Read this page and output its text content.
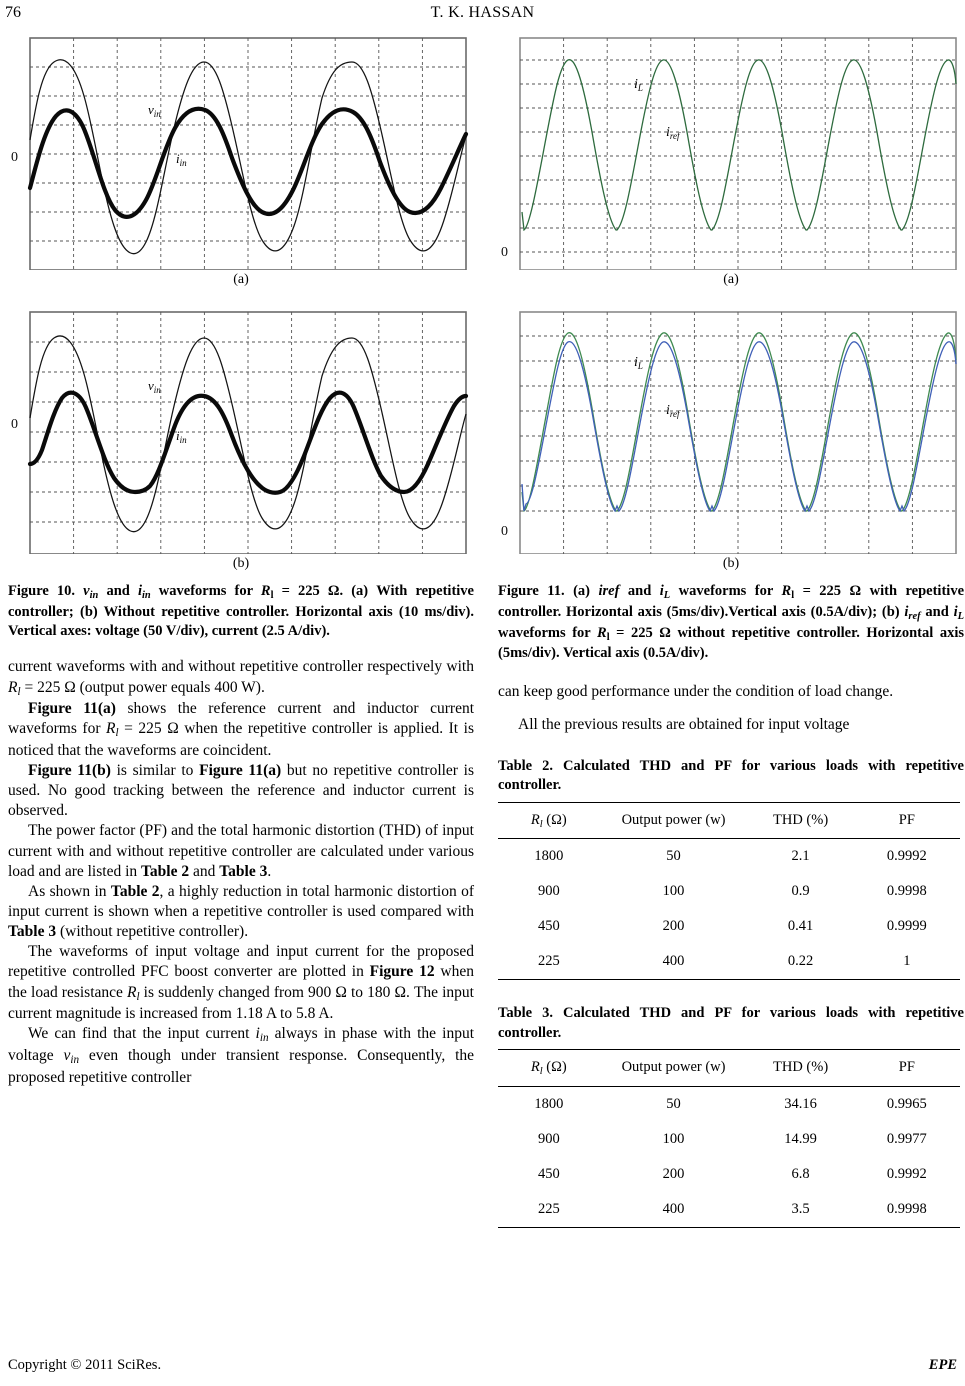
76	T. K. HASSAN
0
$v_{in}$
$i_{in}$
(a)
0
$v_{in}$
$i_{in}$
(b)
Figure 10. $v_{in}$ and $i_{in}$ waveforms for $R_l = 225$ Ω. (a) With repetitive controller; (b) Without repetitive controller. Horizontal axis (10 ms/div). Vertical axes: voltage (50 V/div), current (2.5 A/div).

current waveforms with and without repetitive controller respectively with $R_l = 225$ Ω (output power equals 400 W).

Figure 11(a) shows the reference current and inductor current waveforms for $R_l = 225$ Ω when the repetitive controller is applied. It is noticed that the waveforms are coincident.

Figure 11(b) is similar to Figure 11(a) but no repetitive controller is used. No good tracking between the reference and inductor current is observed.

The power factor (PF) and the total harmonic distortion (THD) of input current with and without repetitive controller are calculated under various load and are listed in Table 2 and Table 3.

As shown in Table 2, a highly reduction in total harmonic distortion of input current is shown when a repetitive controller is used compared with Table 3 (without repetitive controller).

The waveforms of input voltage and input current for the proposed repetitive controlled PFC boost converter are plotted in Figure 12 when the load resistance $R_l$ is suddenly changed from 900 Ω to 180 Ω. The input current magnitude is increased from 1.18 A to 5.8 A.

We can find that the input current $i_{in}$ always in phase with the input voltage $v_{in}$ even though under transient response. Consequently, the proposed repetitive controller

0
$i_L$
$i_{ref}$
(a)
0
$i_L$
$i_{ref}$
(b)
Figure 11. (a) iref and $i_L$ waveforms for $R_l = 225$ Ω with repetitive controller. Horizontal axis (5ms/div).Vertical axis (0.5A/div); (b) $i_{ref}$ and $i_L$ waveforms for $R_l = 225$ Ω without repetitive controller. Horizontal axis (5ms/div). Vertical axis (0.5A/div).

can keep good performance under the condition of load change.

All the previous results are obtained for input voltage

Table 2. Calculated THD and PF for various loads with repetitive controller.
$R_l$ (Ω)	Output power (w)	THD (%)	PF
1800	50	2.1	0.9992
900	100	0.9	0.9998
450	200	0.41	0.9999
225	400	0.22	1
Table 3. Calculated THD and PF for various loads with repetitive controller.
$R_l$ (Ω)	Output power (w)	THD (%)	PF
1800	50	34.16	0.9965
900	100	14.99	0.9977
450	200	6.8	0.9992
225	400	3.5	0.9998
EPE
Copyright © 2011 SciRes.
